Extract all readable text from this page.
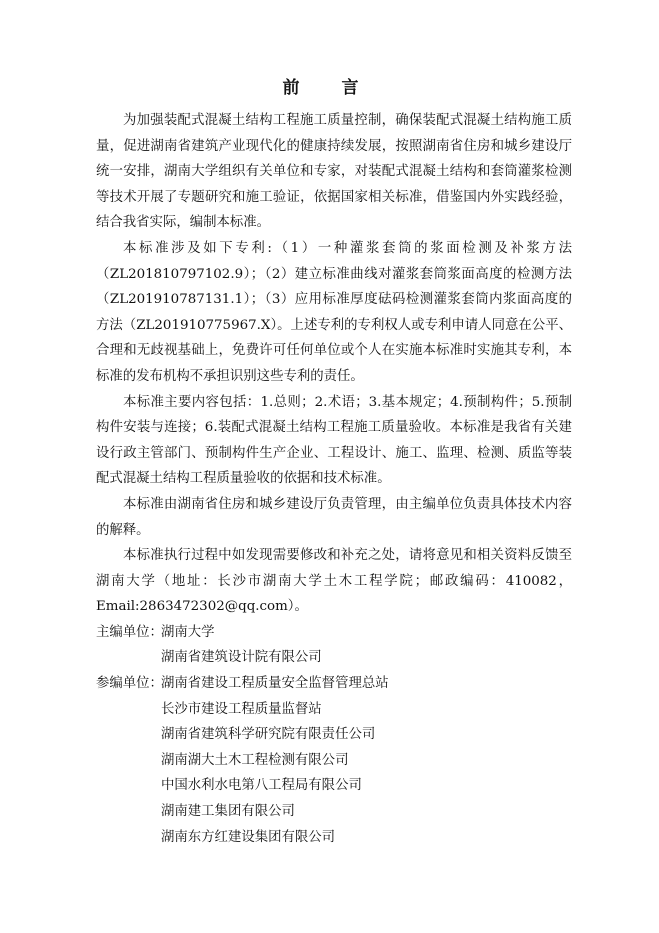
前 言

为加强装配式混凝土结构工程施工质量控制，确保装配式混凝土结构施工质量，促进湖南省建筑产业现代化的健康持续发展，按照湖南省住房和城乡建设厅统一安排，湖南大学组织有关单位和专家，对装配式混凝土结构和套筒灌浆检测等技术开展了专题研究和施工验证，依据国家相关标准，借鉴国内外实践经验，结合我省实际，编制本标准。

本标准涉及如下专利:（1）一种灌浆套筒的浆面检测及补浆方法（ZL201810797102.9）；（2）建立标准曲线对灌浆套筒浆面高度的检测方法（ZL201910787131.1）；（3）应用标准厚度砝码检测灌浆套筒内浆面高度的方法（ZL201910775967.X）。上述专利的专利权人或专利申请人同意在公平、合理和无歧视基础上，免费许可任何单位或个人在实施本标准时实施其专利，本标准的发布机构不承担识别这些专利的责任。

本标准主要内容包括：1.总则；2.术语；3.基本规定；4.预制构件；5.预制构件安装与连接；6.装配式混凝土结构工程施工质量验收。本标准是我省有关建设行政主管部门、预制构件生产企业、工程设计、施工、监理、检测、质监等装配式混凝土结构工程质量验收的依据和技术标准。

本标准由湖南省住房和城乡建设厅负责管理，由主编单位负责具体技术内容的解释。

本标准执行过程中如发现需要修改和补充之处，请将意见和相关资料反馈至湖南大学（地址：长沙市湖南大学土木工程学院；邮政编码：410082，Email:2863472302@qq.com）。

主编单位：
湖南大学
湖南省建筑设计院有限公司
参编单位：
湖南省建设工程质量安全监督管理总站
长沙市建设工程质量监督站
湖南省建筑科学研究院有限责任公司
湖南湖大土木工程检测有限公司
中国水利水电第八工程局有限公司
湖南建工集团有限公司
湖南东方红建设集团有限公司
